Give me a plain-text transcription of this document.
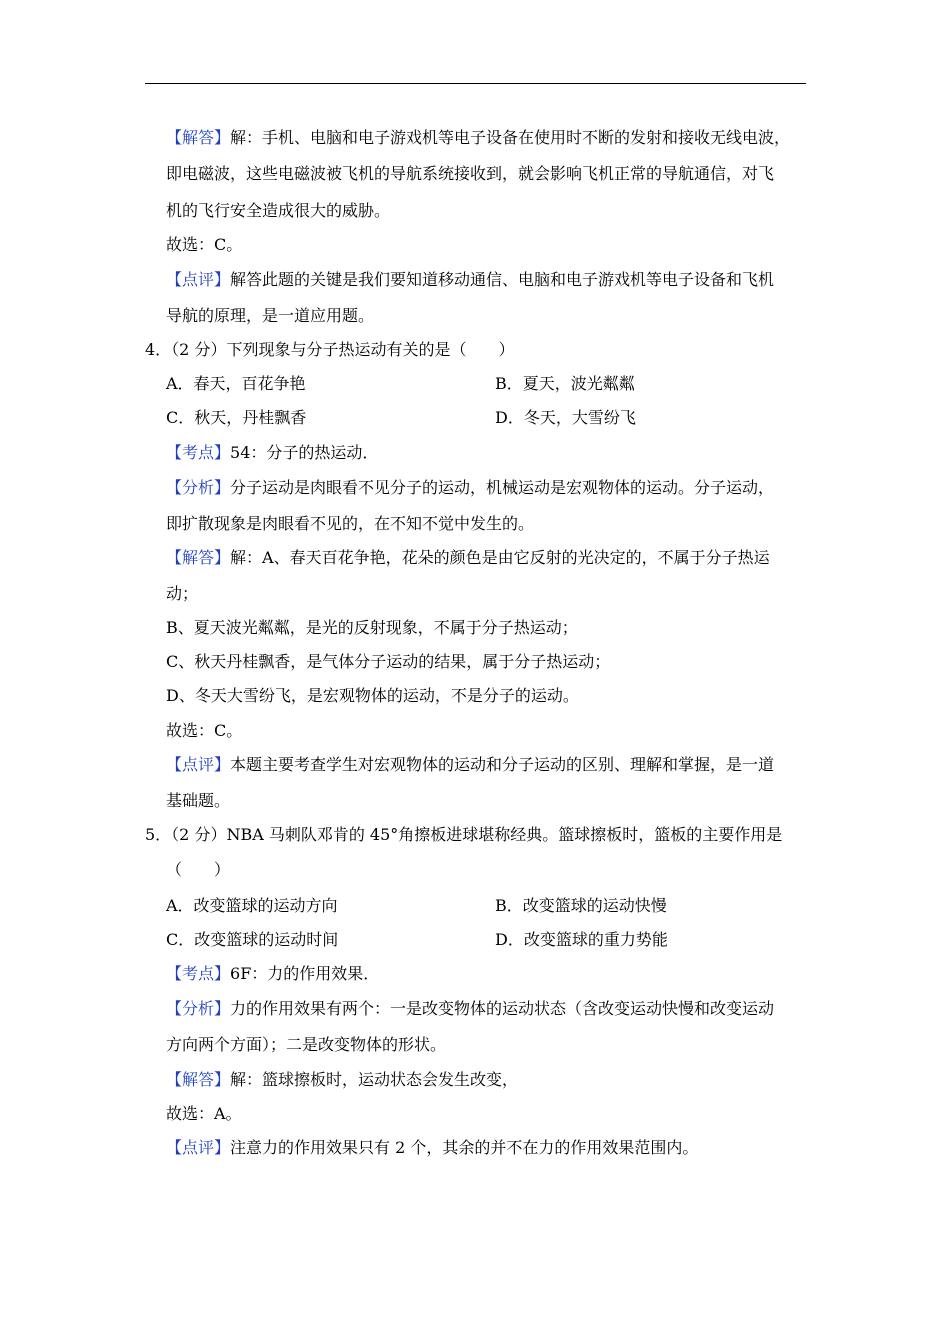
【解答】解：手机、电脑和电子游戏机等电子设备在使用时不断的发射和接收无线电波，
即电磁波，这些电磁波被飞机的导航系统接收到，就会影响飞机正常的导航通信，对飞
机的飞行安全造成很大的威胁。
故选：C。
【点评】解答此题的关键是我们要知道移动通信、电脑和电子游戏机等电子设备和飞机
导航的原理，是一道应用题。
4．（2 分）下列现象与分子热运动有关的是（　　）
A．春天，百花争艳	B．夏天，波光粼粼
C．秋天，丹桂飘香	D．冬天，大雪纷飞
【考点】54：分子的热运动．
【分析】分子运动是肉眼看不见分子的运动，机械运动是宏观物体的运动。分子运动，
即扩散现象是肉眼看不见的，在不知不觉中发生的。
【解答】解：A、春天百花争艳，花朵的颜色是由它反射的光决定的，不属于分子热运
动；
B、夏天波光粼粼，是光的反射现象，不属于分子热运动；
C、秋天丹桂飘香，是气体分子运动的结果，属于分子热运动；
D、冬天大雪纷飞，是宏观物体的运动，不是分子的运动。
故选：C。
【点评】本题主要考查学生对宏观物体的运动和分子运动的区别、理解和掌握，是一道
基础题。
5．（2 分）NBA 马刺队邓肯的 45°角擦板进球堪称经典。篮球擦板时，篮板的主要作用是
（　　）
A．改变篮球的运动方向	B．改变篮球的运动快慢
C．改变篮球的运动时间	D．改变篮球的重力势能
【考点】6F：力的作用效果．
【分析】力的作用效果有两个：一是改变物体的运动状态（含改变运动快慢和改变运动
方向两个方面）；二是改变物体的形状。
【解答】解：篮球擦板时，运动状态会发生改变，
故选：A。
【点评】注意力的作用效果只有 2 个，其余的并不在力的作用效果范围内。
